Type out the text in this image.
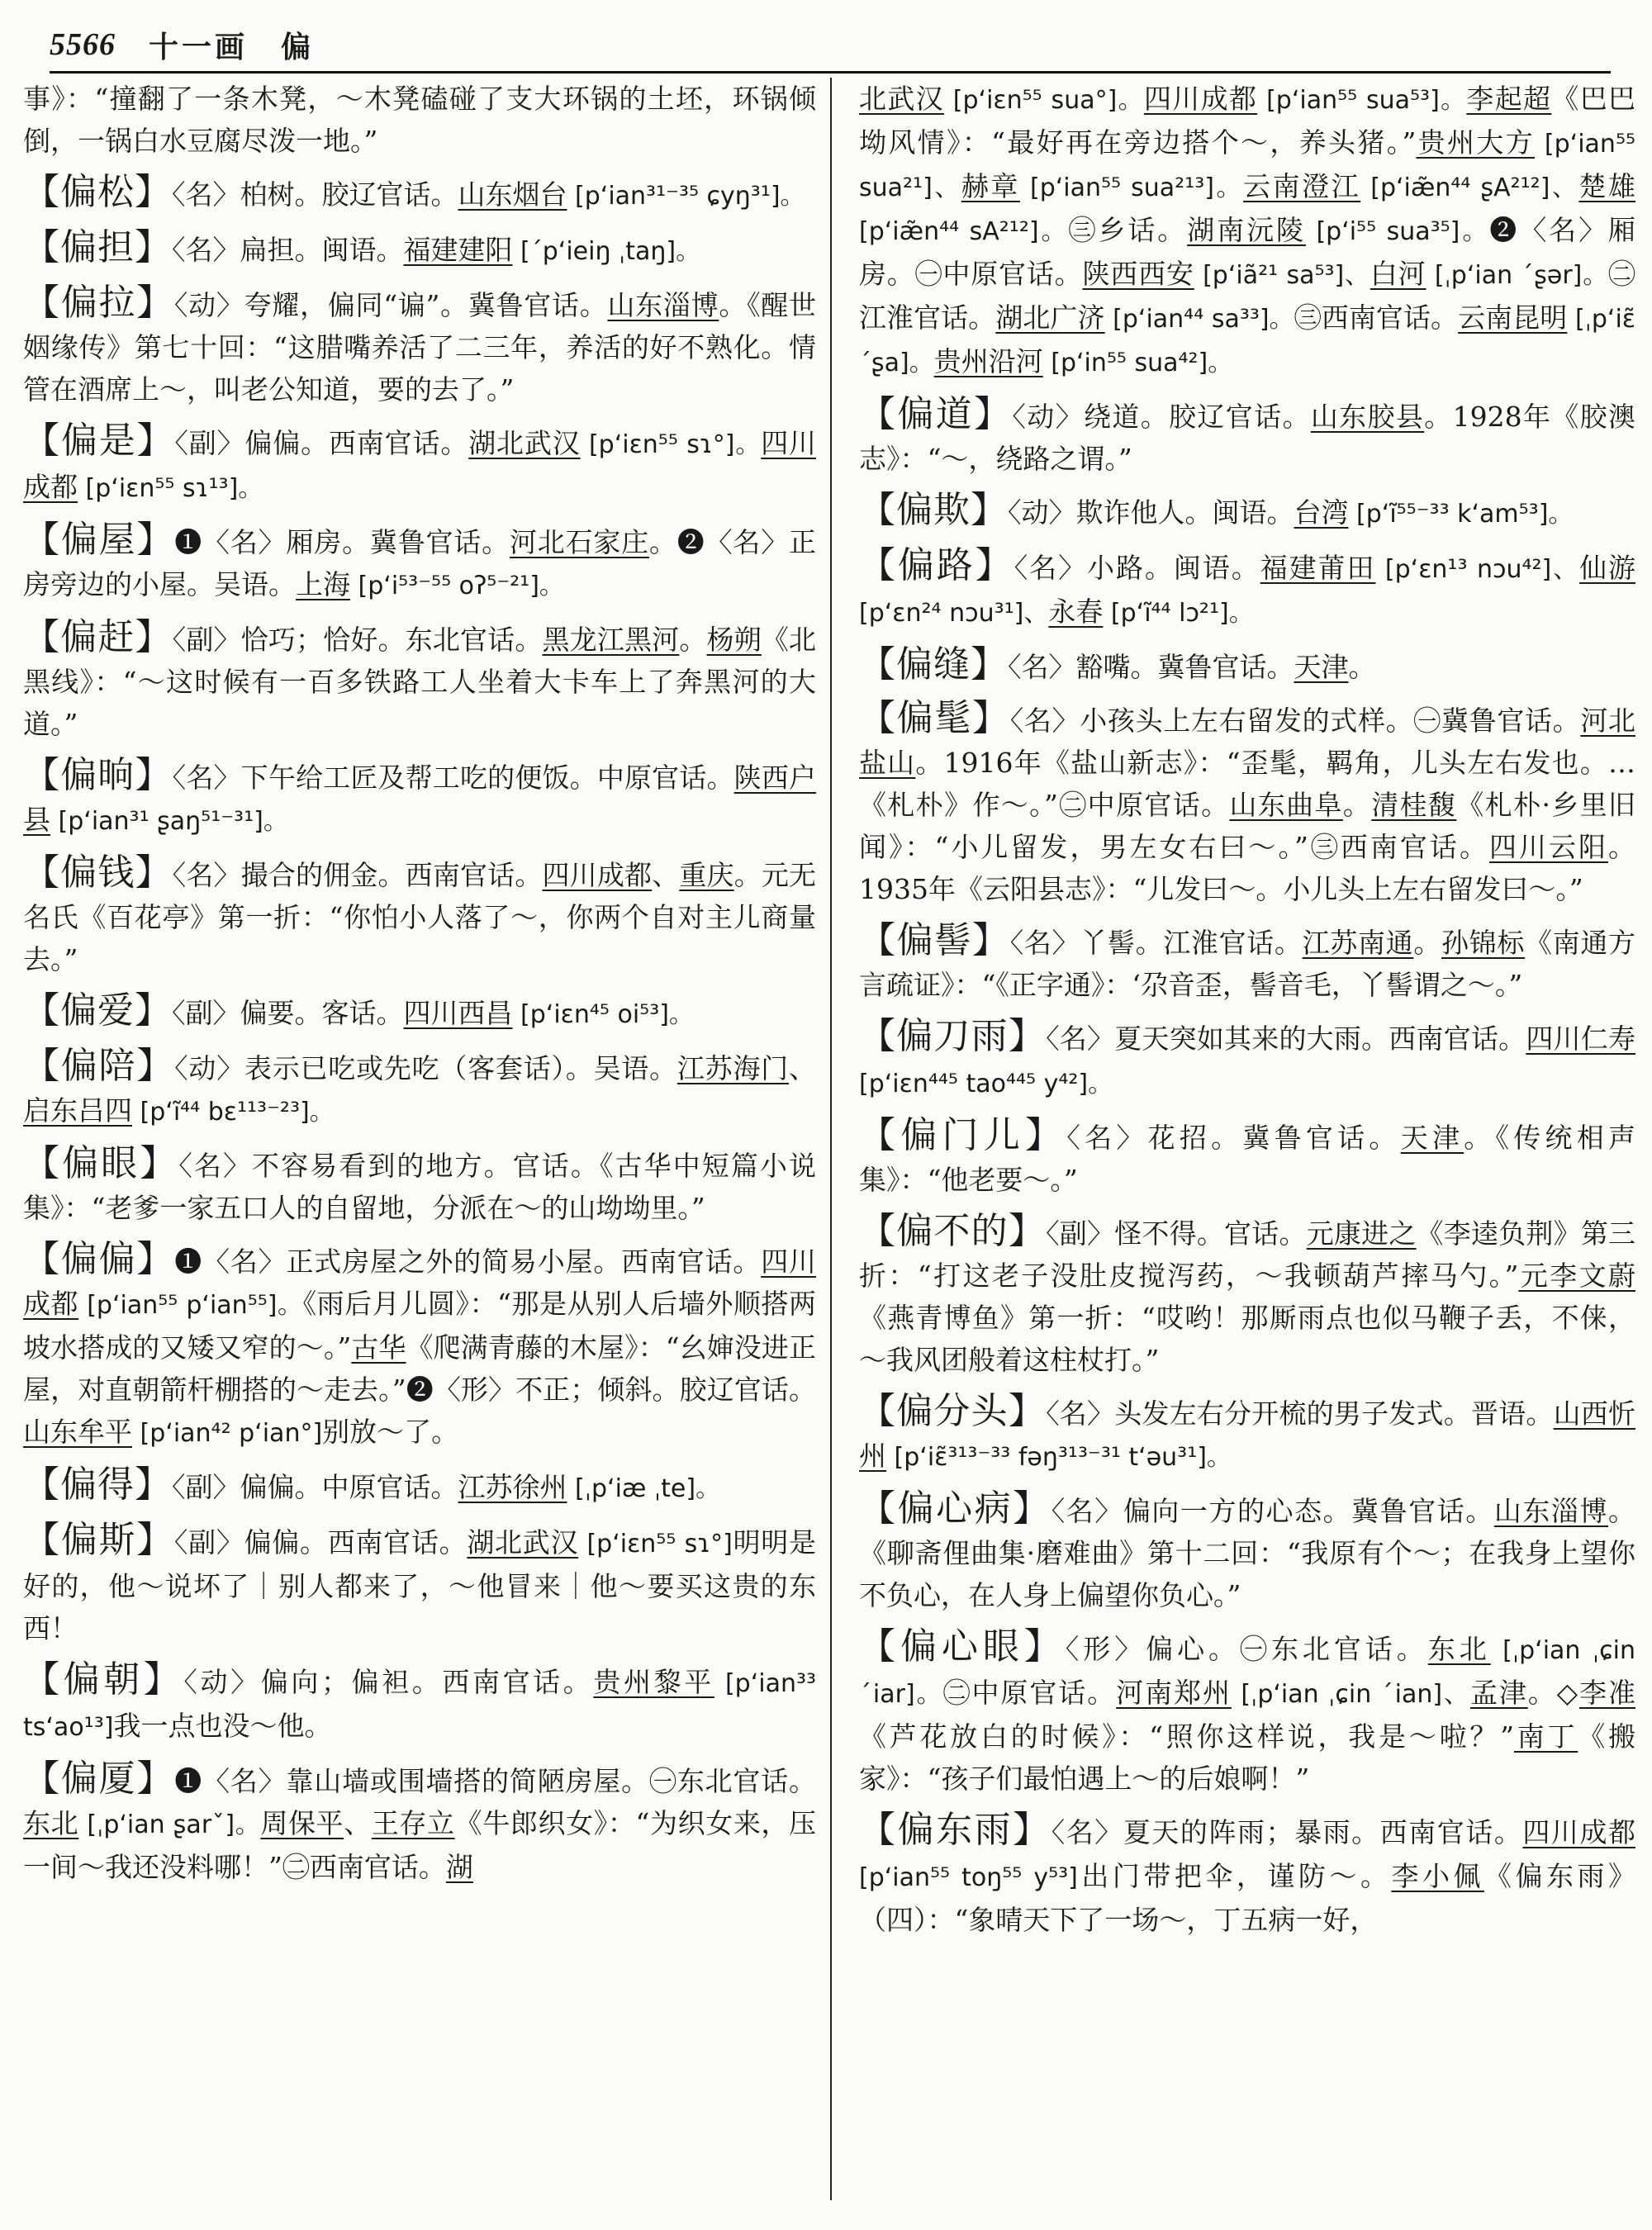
5566 十一画　偏

事》：“撞翻了一条木凳，～木凳磕碰了支大环锅的土坯，环锅倾倒，一锅白水豆腐尽泼一地。”

【偏松】〈名〉柏树。胶辽官话。山东烟台 [p‘ian³¹⁻³⁵ ɕyŋ³¹]。

【偏担】〈名〉扁担。闽语。福建建阳 [ˊp‘ieiŋ ˌtaŋ]。

【偏拉】〈动〉夸耀，偏同“谝”。冀鲁官话。山东淄博。《醒世姻缘传》第七十回：“这腊嘴养活了二三年，养活的好不熟化。情管在酒席上～，叫老公知道，要的去了。”

【偏是】〈副〉偏偏。西南官话。湖北武汉 [p‘iɛn⁵⁵ sɿ°]。四川成都 [p‘iɛn⁵⁵ sɿ¹³]。

【偏屋】❶〈名〉厢房。冀鲁官话。河北石家庄。❷〈名〉正房旁边的小屋。吴语。上海 [p‘i⁵³⁻⁵⁵ oʔ⁵⁻²¹]。

【偏赶】〈副〉恰巧；恰好。东北官话。黑龙江黑河。杨朔《北黑线》：“～这时候有一百多铁路工人坐着大卡车上了奔黑河的大道。”

【偏晌】〈名〉下午给工匠及帮工吃的便饭。中原官话。陕西户县 [p‘ian³¹ ʂaŋ⁵¹⁻³¹]。

【偏钱】〈名〉撮合的佣金。西南官话。四川成都、重庆。元无名氏《百花亭》第一折：“你怕小人落了～，你两个自对主儿商量去。”

【偏爱】〈副〉偏要。客话。四川西昌 [p‘iɛn⁴⁵ oi⁵³]。

【偏陪】〈动〉表示已吃或先吃（客套话）。吴语。江苏海门、启东吕四 [p‘ĩ⁴⁴ bɛ¹¹³⁻²³]。

【偏眼】〈名〉不容易看到的地方。官话。《古华中短篇小说集》：“老爹一家五口人的自留地，分派在～的山坳坳里。”

【偏偏】❶〈名〉正式房屋之外的简易小屋。西南官话。四川成都 [p‘ian⁵⁵ p‘ian⁵⁵]。《雨后月儿圆》：“那是从别人后墙外顺搭两坡水搭成的又矮又窄的～。”古华《爬满青藤的木屋》：“幺婶没进正屋，对直朝箭杆棚搭的～走去。”❷〈形〉不正；倾斜。胶辽官话。山东牟平 [p‘ian⁴² p‘ian°]别放～了。

【偏得】〈副〉偏偏。中原官话。江苏徐州 [ˌp‘iæ ˌte]。

【偏斯】〈副〉偏偏。西南官话。湖北武汉 [p‘iɛn⁵⁵ sɿ°]明明是好的，他～说坏了｜别人都来了，～他冒来｜他～要买这贵的东西！

【偏朝】〈动〉偏向；偏袒。西南官话。贵州黎平 [p‘ian³³ ts‘ao¹³]我一点也没～他。

【偏厦】❶〈名〉靠山墙或围墙搭的简陋房屋。㊀东北官话。东北 [ˌp‘ian ʂarˇ]。周保平、王存立《牛郎织女》：“为织女来，压一间～我还没料哪！”㊁西南官话。湖

北武汉 [p‘iɛn⁵⁵ sua°]。四川成都 [p‘ian⁵⁵ sua⁵³]。李起超《巴巴坳风情》：“最好再在旁边搭个～，养头猪。”贵州大方 [p‘ian⁵⁵ sua²¹]、赫章 [p‘ian⁵⁵ sua²¹³]。云南澄江 [p‘iæ̃n⁴⁴ ʂA²¹²]、楚雄 [p‘iæ̃n⁴⁴ sA²¹²]。㊂乡话。湖南沅陵 [p‘i⁵⁵ sua³⁵]。❷〈名〉厢房。㊀中原官话。陕西西安 [p‘iã²¹ sa⁵³]、白河 [ˌp‘ian ˊʂər]。㊁江淮官话。湖北广济 [p‘ian⁴⁴ sa³³]。㊂西南官话。云南昆明 [ˌp‘iɛ̃ ˊʂa]。贵州沿河 [p‘in⁵⁵ sua⁴²]。

【偏道】〈动〉绕道。胶辽官话。山东胶县。1928年《胶澳志》：“～，绕路之谓。”

【偏欺】〈动〉欺诈他人。闽语。台湾 [p‘ĩ⁵⁵⁻³³ k‘am⁵³]。

【偏路】〈名〉小路。闽语。福建莆田 [p‘ɛn¹³ nɔu⁴²]、仙游 [p‘ɛn²⁴ nɔu³¹]、永春 [p‘ĩ⁴⁴ lɔ²¹]。

【偏缝】〈名〉豁嘴。冀鲁官话。天津。

【偏髦】〈名〉小孩头上左右留发的式样。㊀冀鲁官话。河北盐山。1916年《盐山新志》：“歪髦，羁角，儿头左右发也。…《札朴》作～。”㊁中原官话。山东曲阜。清桂馥《札朴·乡里旧闻》：“小儿留发，男左女右曰～。”㊂西南官话。四川云阳。1935年《云阳县志》：“儿发曰～。小儿头上左右留发曰～。”

【偏髻】〈名〉丫髻。江淮官话。江苏南通。孙锦标《南通方言疏证》：“《正字通》：‘尕音歪，髻音毛，丫髻谓之～。”

【偏刀雨】〈名〉夏天突如其来的大雨。西南官话。四川仁寿 [p‘iɛn⁴⁴⁵ tao⁴⁴⁵ y⁴²]。

【偏门儿】〈名〉花招。冀鲁官话。天津。《传统相声集》：“他老要～。”

【偏不的】〈副〉怪不得。官话。元康进之《李逵负荆》第三折：“打这老子没肚皮搅泻药，～我顿葫芦摔马勺。”元李文蔚《燕青博鱼》第一折：“哎哟！那厮雨点也似马鞭子丢，不俫，～我风团般着这柱杖打。”

【偏分头】〈名〉头发左右分开梳的男子发式。晋语。山西忻州 [p‘iɛ̃³¹³⁻³³ fəŋ³¹³⁻³¹ t‘əu³¹]。

【偏心病】〈名〉偏向一方的心态。冀鲁官话。山东淄博。《聊斋俚曲集·磨难曲》第十二回：“我原有个～；在我身上望你不负心，在人身上偏望你负心。”

【偏心眼】〈形〉偏心。㊀东北官话。东北 [ˌp‘ian ˌɕin ˊiar]。㊁中原官话。河南郑州 [ˌp‘ian ˌɕin ˊian]、孟津。◇李准《芦花放白的时候》：“照你这样说，我是～啦？”南丁《搬家》：“孩子们最怕遇上～的后娘啊！”

【偏东雨】〈名〉夏天的阵雨；暴雨。西南官话。四川成都 [p‘ian⁵⁵ toŋ⁵⁵ y⁵³]出门带把伞，谨防～。李小佩《偏东雨》（四）：“象晴天下了一场～，丁五病一好，
